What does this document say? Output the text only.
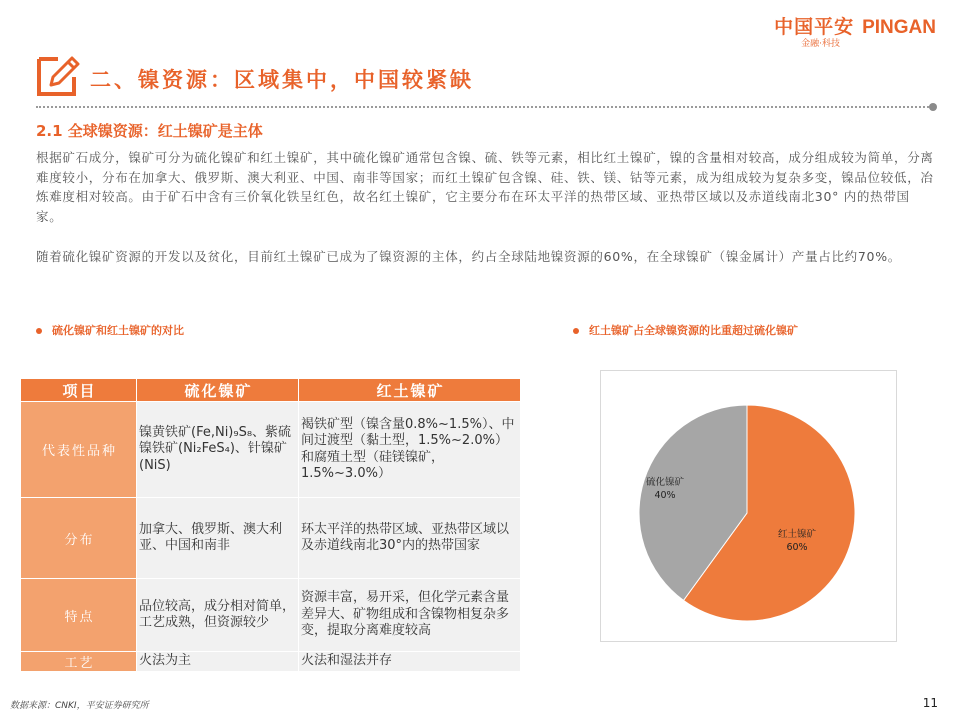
中国平安 PINGAN
金融·科技
二、镍资源：区域集中，中国较紧缺
2.1 全球镍资源：红土镍矿是主体
根据矿石成分，镍矿可分为硫化镍矿和红土镍矿，其中硫化镍矿通常包含镍、硫、铁等元素，相比红土镍矿，镍的含量相对较高，成分组成较为简单，分离难度较小，分布在加拿大、俄罗斯、澳大利亚、中国、南非等国家；而红土镍矿包含镍、硅、铁、镁、钴等元素，成为组成较为复杂多变，镍品位较低，冶炼难度相对较高。由于矿石中含有三价氧化铁呈红色，故名红土镍矿，它主要分布在环太平洋的热带区域、亚热带区域以及赤道线南北30° 内的热带国家。
随着硫化镍矿资源的开发以及贫化，目前红土镍矿已成为了镍资源的主体，约占全球陆地镍资源的60%，在全球镍矿（镍金属计）产量占比约70%。
硫化镍矿和红土镍矿的对比	红土镍矿占全球镍资源的比重超过硫化镍矿
项目	硫化镍矿	红土镍矿
代表性品种	镍黄铁矿(Fe,Ni)₉S₈、紫硫镍铁矿(Ni₂FeS₄)、针镍矿(NiS)	褐铁矿型（镍含量0.8%~1.5%）、中间过渡型（黏土型，1.5%~2.0%）和腐殖土型（硅镁镍矿，1.5%~3.0%）
分布	加拿大、俄罗斯、澳大利亚、中国和南非	环太平洋的热带区域、亚热带区域以及赤道线南北30°内的热带国家
特点	品位较高，成分相对简单，工艺成熟，但资源较少	资源丰富，易开采，但化学元素含量差异大、矿物组成和含镍物相复杂多变，提取分离难度较高
工艺	火法为主	火法和湿法并存
红土镍矿
60%
硫化镍矿
40%
数据来源：CNKI，平安证券研究所	11
